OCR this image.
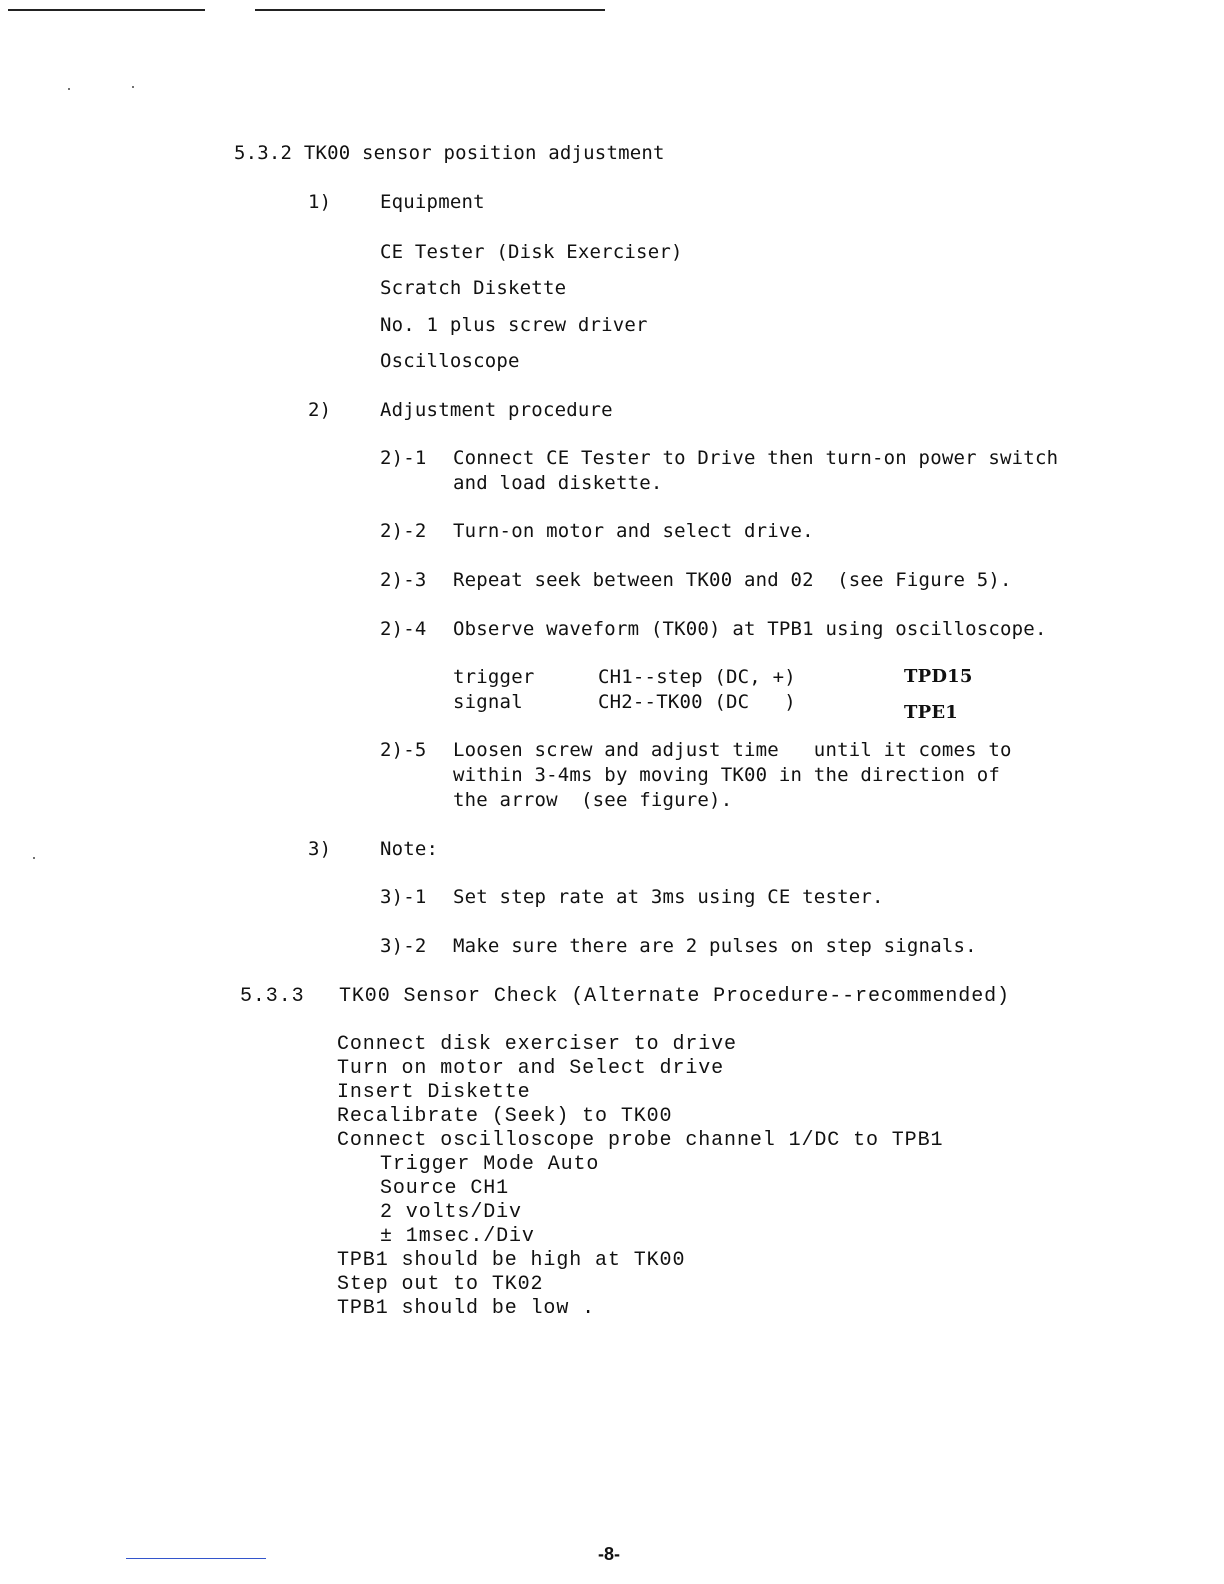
5.3.2 TK00 sensor position adjustment
1)	Equipment
CE Tester (Disk Exerciser)
Scratch Diskette
No. 1 plus screw driver
Oscilloscope
2)	Adjustment procedure
2)-1 Connect CE Tester to Drive then turn-on power switch
and load diskette.
2)-2 Turn-on motor and select drive.
2)-3 Repeat seek between TK00 and 02  (see Figure 5).
2)-4 Observe waveform (TK00) at TPB1 using oscilloscope.
trigger	CH1--step (DC, +)	TPD15
signal	CH2--TK00 (DC   )	TPE1
2)-5 Loosen screw and adjust time   until it comes to
within 3-4ms by moving TK00 in the direction of
the arrow  (see figure).
3)	Note:
3)-1 Set step rate at 3ms using CE tester.
3)-2 Make sure there are 2 pulses on step signals.
5.3.3 TK00 Sensor Check (Alternate Procedure--recommended)
Connect disk exerciser to drive
Turn on motor and Select drive
Insert Diskette
Recalibrate (Seek) to TK00
Connect oscilloscope probe channel 1/DC to TPB1
Trigger Mode Auto
Source CH1
2 volts/Div
± 1msec./Div
TPB1 should be high at TK00
Step out to TK02
TPB1 should be low .
-8-
